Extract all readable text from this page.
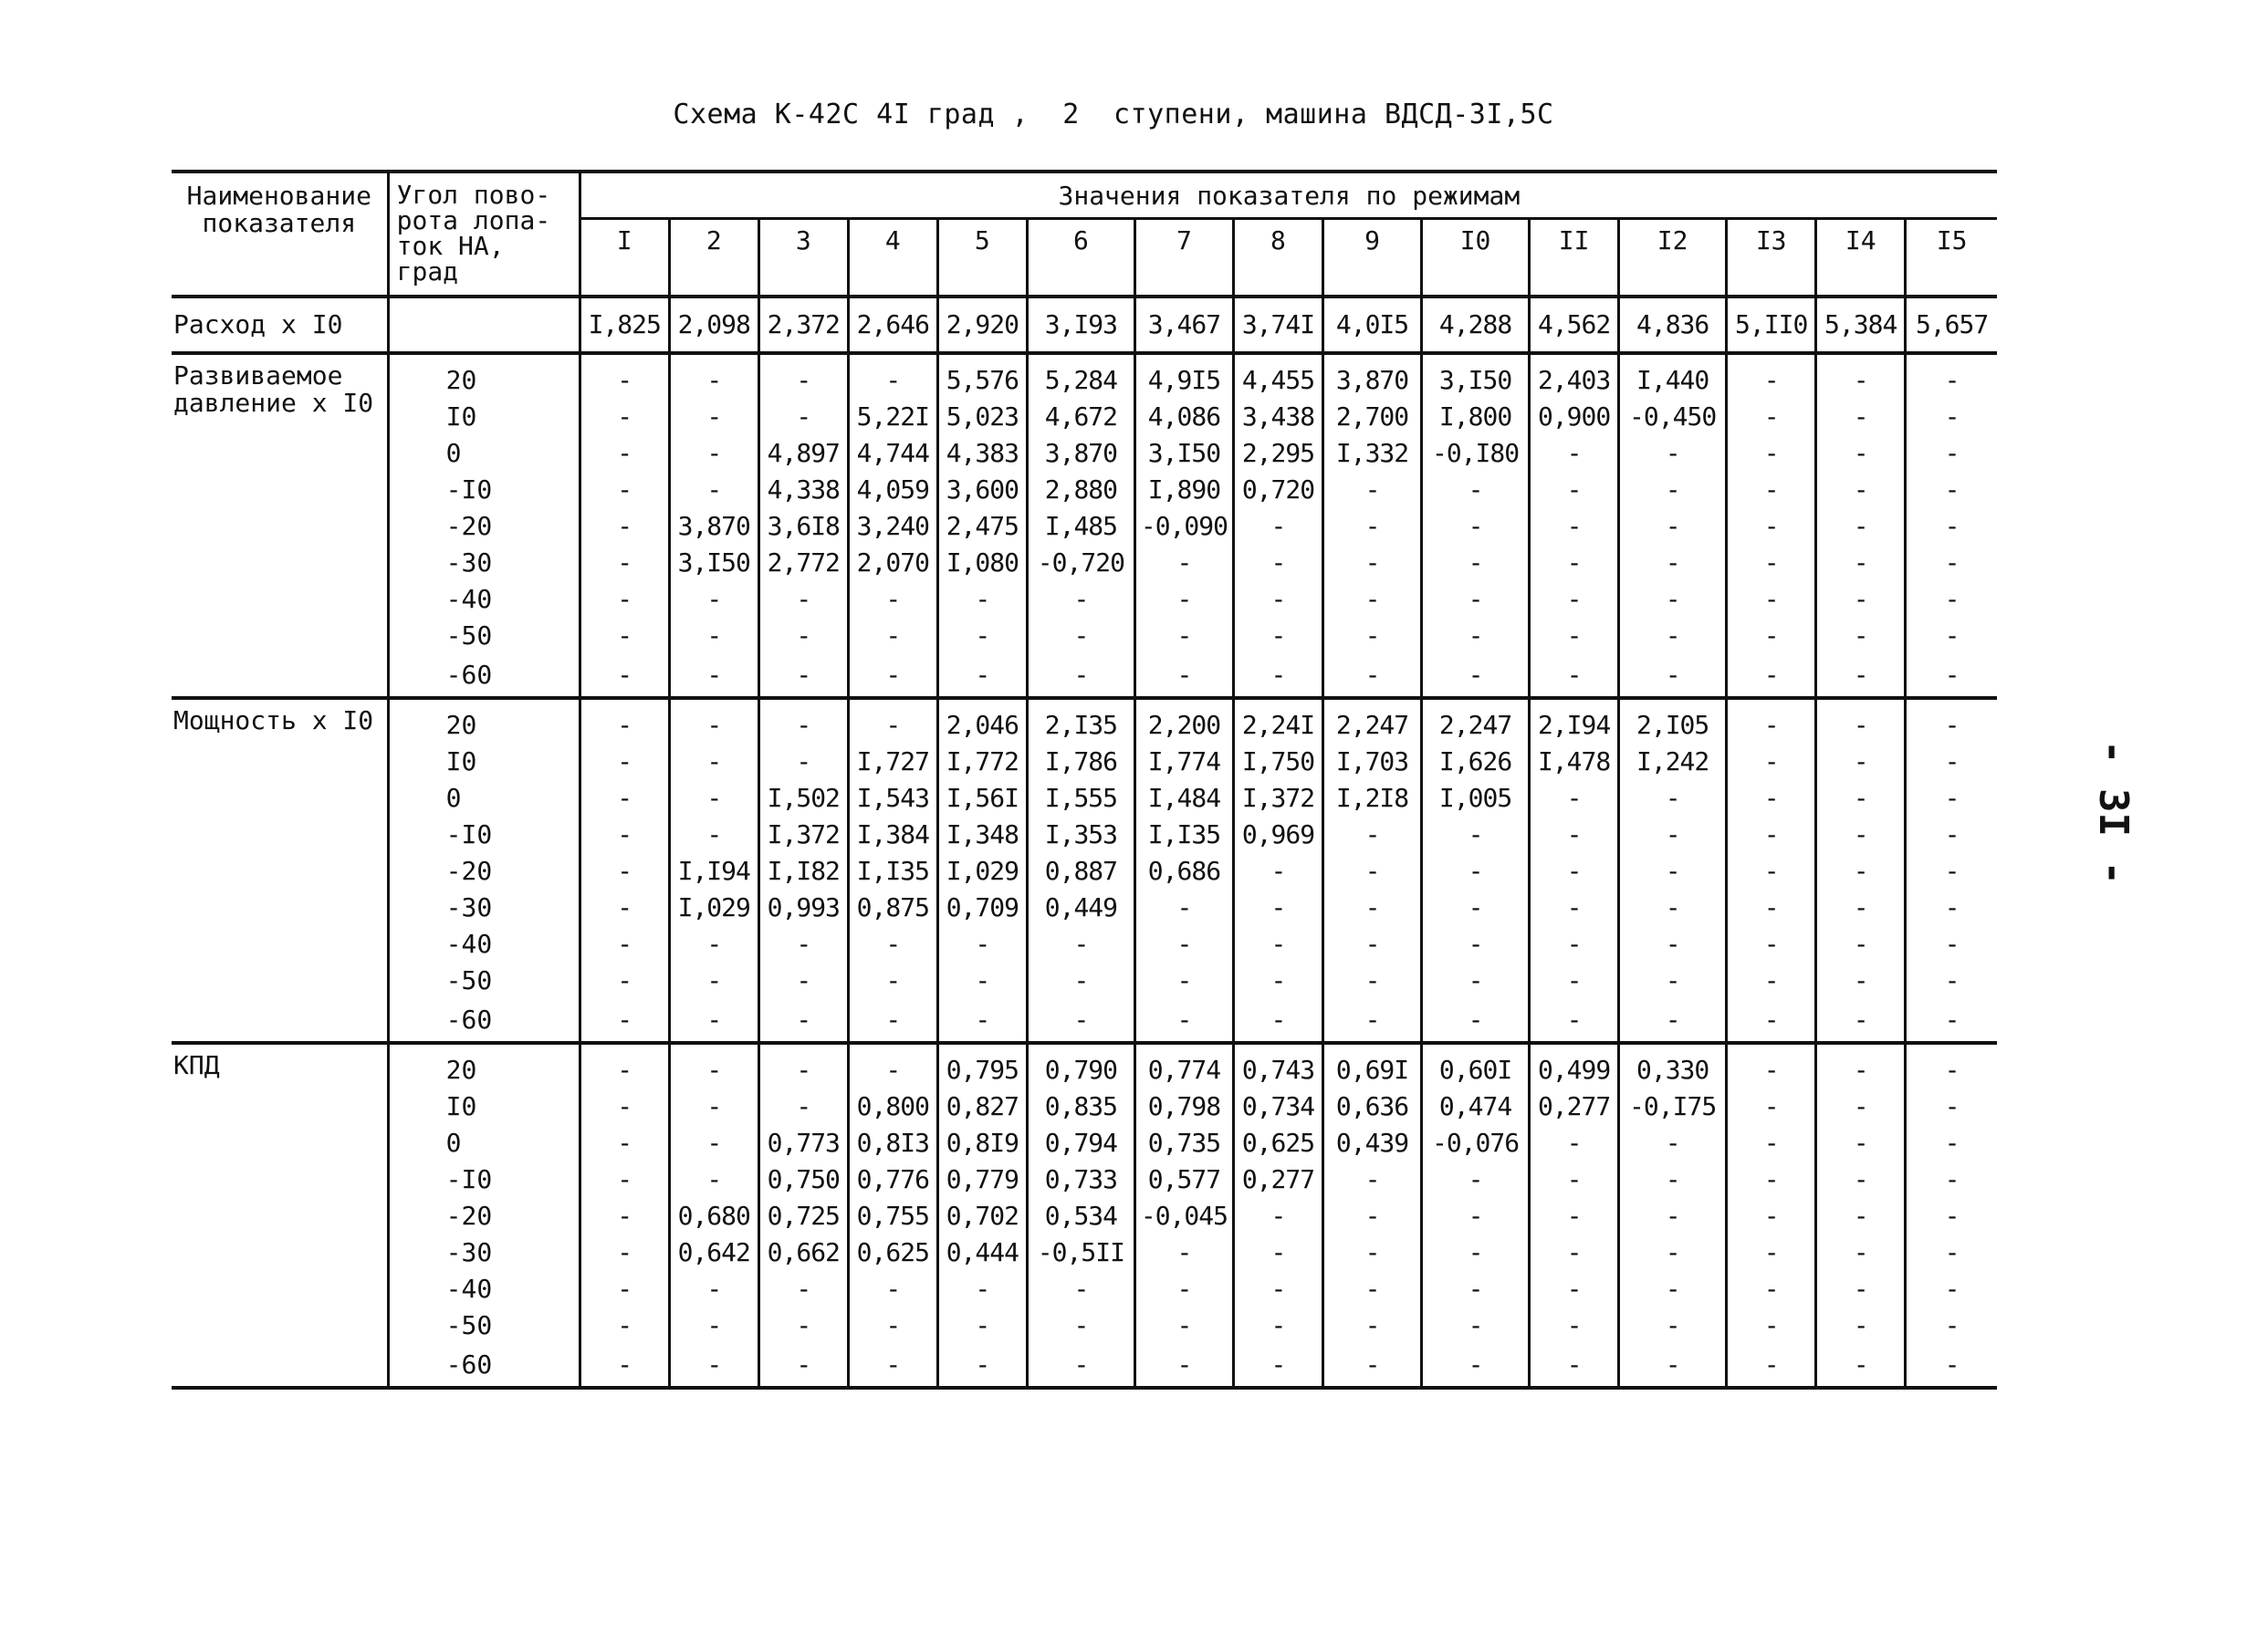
Схема К-42С 4I град ,  2  ступени, машина ВДСД-3I,5С
- 3I -
Наименование показателя	Угол пово-рота лопа-ток НА, град	Значения показателя по режимам														
		I	2	3	4	5	6	7	8	9	I0	II	I2	I3	I4	I5
Расход х I0		I,825	2,098	2,372	2,646	2,920	3,I93	3,467	3,74I	4,0I5	4,288	4,562	4,836	5,II0	5,384	5,657
Развиваемое давление х I0	20	-	-	-	-	5,576	5,284	4,9I5	4,455	3,870	3,I50	2,403	I,440	-	-	-
	I0	-	-	-	5,22I	5,023	4,672	4,086	3,438	2,700	I,800	0,900	-0,450	-	-	-
	0	-	-	4,897	4,744	4,383	3,870	3,I50	2,295	I,332	-0,I80	-	-	-	-	-
	-I0	-	-	4,338	4,059	3,600	2,880	I,890	0,720	-	-	-	-	-	-	-
	-20	-	3,870	3,6I8	3,240	2,475	I,485	-0,090	-	-	-	-	-	-	-	-
	-30	-	3,I50	2,772	2,070	I,080	-0,720	-	-	-	-	-	-	-	-	-
	-40	-	-	-	-	-	-	-	-	-	-	-	-	-	-	-
	-50	-	-	-	-	-	-	-	-	-	-	-	-	-	-	-
	-60	-	-	-	-	-	-	-	-	-	-	-	-	-	-	-
Мощность х I0	20	-	-	-	-	2,046	2,I35	2,200	2,24I	2,247	2,247	2,I94	2,I05	-	-	-
	I0	-	-	-	I,727	I,772	I,786	I,774	I,750	I,703	I,626	I,478	I,242	-	-	-
	0	-	-	I,502	I,543	I,56I	I,555	I,484	I,372	I,2I8	I,005	-	-	-	-	-
	-I0	-	-	I,372	I,384	I,348	I,353	I,I35	0,969	-	-	-	-	-	-	-
	-20	-	I,I94	I,I82	I,I35	I,029	0,887	0,686	-	-	-	-	-	-	-	-
	-30	-	I,029	0,993	0,875	0,709	0,449	-	-	-	-	-	-	-	-	-
	-40	-	-	-	-	-	-	-	-	-	-	-	-	-	-	-
	-50	-	-	-	-	-	-	-	-	-	-	-	-	-	-	-
	-60	-	-	-	-	-	-	-	-	-	-	-	-	-	-	-
КПД	20	-	-	-	-	0,795	0,790	0,774	0,743	0,69I	0,60I	0,499	0,330	-	-	-
	I0	-	-	-	0,800	0,827	0,835	0,798	0,734	0,636	0,474	0,277	-0,I75	-	-	-
	0	-	-	0,773	0,8I3	0,8I9	0,794	0,735	0,625	0,439	-0,076	-	-	-	-	-
	-I0	-	-	0,750	0,776	0,779	0,733	0,577	0,277	-	-	-	-	-	-	-
	-20	-	0,680	0,725	0,755	0,702	0,534	-0,045	-	-	-	-	-	-	-	-
	-30	-	0,642	0,662	0,625	0,444	-0,5II	-	-	-	-	-	-	-	-	-
	-40	-	-	-	-	-	-	-	-	-	-	-	-	-	-	-
	-50	-	-	-	-	-	-	-	-	-	-	-	-	-	-	-
	-60	-	-	-	-	-	-	-	-	-	-	-	-	-	-	-
